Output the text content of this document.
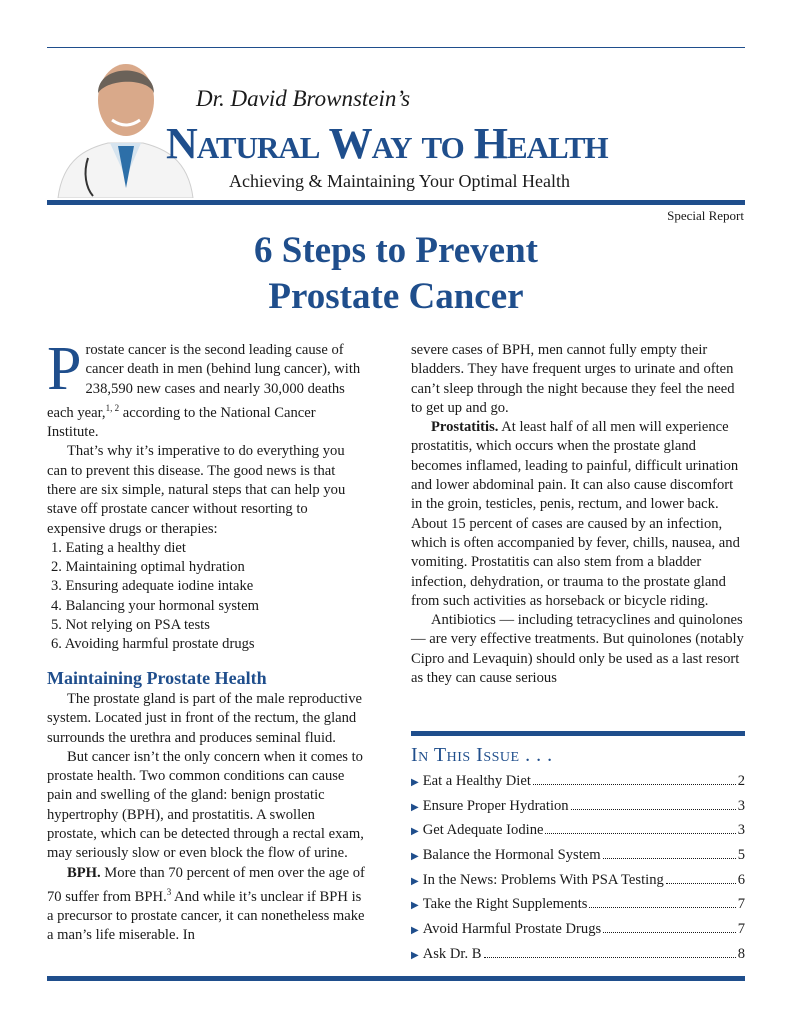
Dr. David Brownstein’s
Natural Way to Health
Achieving & Maintaining Your Optimal Health
Special Report
6 Steps to Prevent
Prostate Cancer

Prostate cancer is the second leading cause of cancer death in men (behind lung cancer), with 238,590 new cases and nearly 30,000 deaths each year,$^{1, 2}$ according to the National Cancer Institute.

That’s why it’s imperative to do everything you can to prevent this disease. The good news is that there are six simple, natural steps that can help you stave off prostate cancer without resorting to expensive drugs or therapies:

1. Eating a healthy diet
2. Maintaining optimal hydration
3. Ensuring adequate iodine intake
4. Balancing your hormonal system
5. Not relying on PSA tests
6. Avoiding harmful prostate drugs
Maintaining Prostate Health

The prostate gland is part of the male reproductive system. Located just in front of the rectum, the gland surrounds the urethra and produces seminal fluid.

But cancer isn’t the only concern when it comes to prostate health. Two common conditions can cause pain and swelling of the gland: benign prostatic hypertrophy (BPH), and prostatitis. A swollen prostate, which can be detected through a rectal exam, may seriously slow or even block the flow of urine.

BPH. More than 70 percent of men over the age of 70 suffer from BPH.$^3$ And while it’s unclear if BPH is a precursor to prostate cancer, it can nonetheless make a man’s life miserable. In

severe cases of BPH, men cannot fully empty their bladders. They have frequent urges to urinate and often can’t sleep through the night because they feel the need to get up and go.

Prostatitis. At least half of all men will experience prostatitis, which occurs when the prostate gland becomes inflamed, leading to painful, difficult urination and lower abdominal pain. It can also cause discomfort in the groin, testicles, penis, rectum, and lower back. About 15 percent of cases are caused by an infection, which is often accompanied by fever, chills, nausea, and vomiting. Prostatitis can also stem from a bladder infection, dehydration, or trauma to the prostate gland from such activities as horseback or bicycle riding.

Antibiotics — including tetracyclines and quinolones — are very effective treatments. But quinolones (notably Cipro and Levaquin) should only be used as a last resort as they can cause serious

In This Issue . . .
▶ Eat a Healthy Diet	2
▶ Ensure Proper Hydration	3
▶ Get Adequate Iodine	3
▶ Balance the Hormonal System	5
▶ In the News: Problems With PSA Testing	6
▶ Take the Right Supplements	7
▶ Avoid Harmful Prostate Drugs	7
▶ Ask Dr. B	8
